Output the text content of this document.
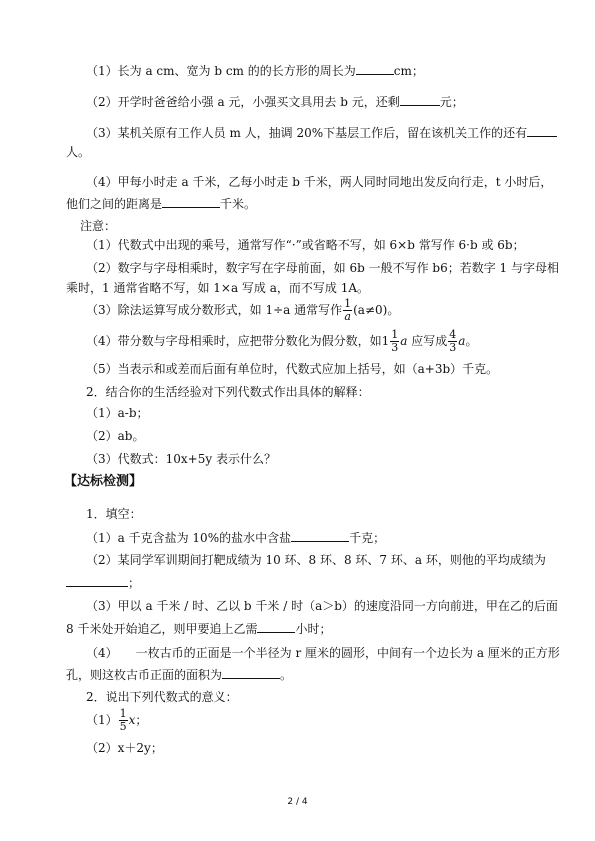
（1）长为 a cm、宽为 b cm 的的长方形的周长为	cm；
（2）开学时爸爸给小强 a 元，小强买文具用去 b 元，还剩	元；
（3）某机关原有工作人员 m 人，抽调 20%下基层工作后，留在该机关工作的还有
人。
（4）甲每小时走 a 千米，乙每小时走 b 千米，两人同时同地出发反向行走，t 小时后，
他们之间的距离是	千米。
注意：
（1）代数式中出现的乘号，通常写作“·”或省略不写，如 6×b 常写作 6·b 或 6b；
（2）数字与字母相乘时，数字写在字母前面，如 6b 一般不写作 b6；若数字 1 与字母相
乘时，1 通常省略不写，如 1×a 写成 a，而不写成 1A。
（3）除法运算写成分数形式，如 1÷a 通常写作 $\frac{1}{a} (a\ne 0)$。
（4）带分数与字母相乘时，应把带分数化为假分数，如$1 \frac{1}{3}$ a 应写成 $\frac{4}{3}$ a。
（5）当表示和或差而后面有单位时，代数式应加上括号，如（a+3b）千克。
2．结合你的生活经验对下列代数式作出具体的解释：
（1）a-b；
（2）ab。
（3）代数式：10x+5y 表示什么？
【达标检测】
1．填空：
（1）a 千克含盐为 10%的盐水中含盐	千克；
（2）某同学军训期间打靶成绩为 10 环、8 环、8 环、7 环、a 环，则他的平均成绩为
；
（3）甲以 a 千米 / 时、乙以 b 千米 / 时（a＞b）的速度沿同一方向前进，甲在乙的后面
8 千米处开始追乙，则甲要追上乙需	小时；
（4）　　一枚古币的正面是一个半径为 r 厘米的圆形，中间有一个边长为 a 厘米的正方形
孔，则这枚古币正面的面积为	。
2．说出下列代数式的意义：
$(1) \frac{1}{5}$ x；
（2）x＋2y；
2 / 4
